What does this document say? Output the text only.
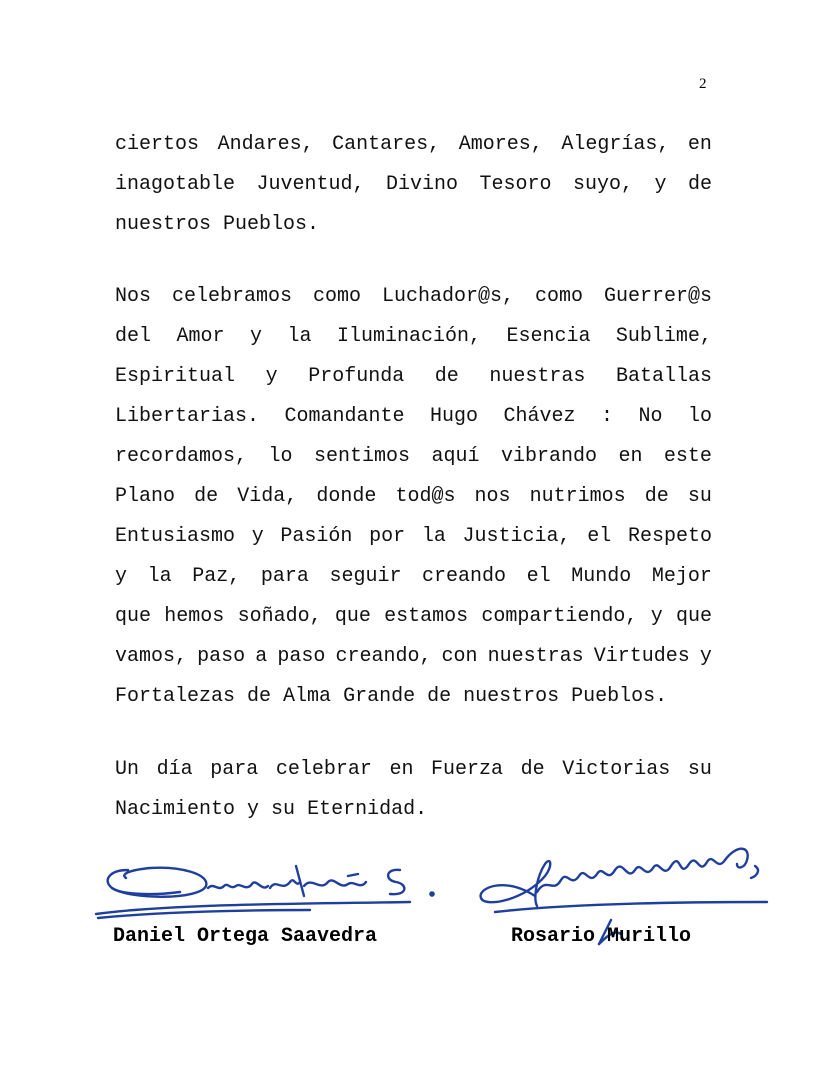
2
ciertos Andares, Cantares, Amores, Alegrías, en
inagotable Juventud, Divino Tesoro suyo, y de
nuestros Pueblos.
Nos celebramos como Luchador@s, como Guerrer@s
del Amor y la Iluminación, Esencia Sublime,
Espiritual y Profunda de nuestras Batallas
Libertarias. Comandante Hugo Chávez : No lo
recordamos, lo sentimos aquí vibrando en este
Plano de Vida, donde tod@s nos nutrimos de su
Entusiasmo y Pasión por la Justicia, el Respeto
y la Paz, para seguir creando el Mundo Mejor
que hemos soñado, que estamos compartiendo, y que
vamos, paso a paso creando, con nuestras Virtudes y
Fortalezas de Alma Grande de nuestros Pueblos.
Un día para celebrar en Fuerza de Victorias su
Nacimiento y su Eternidad.
Daniel Ortega Saavedra	Rosario Murillo
